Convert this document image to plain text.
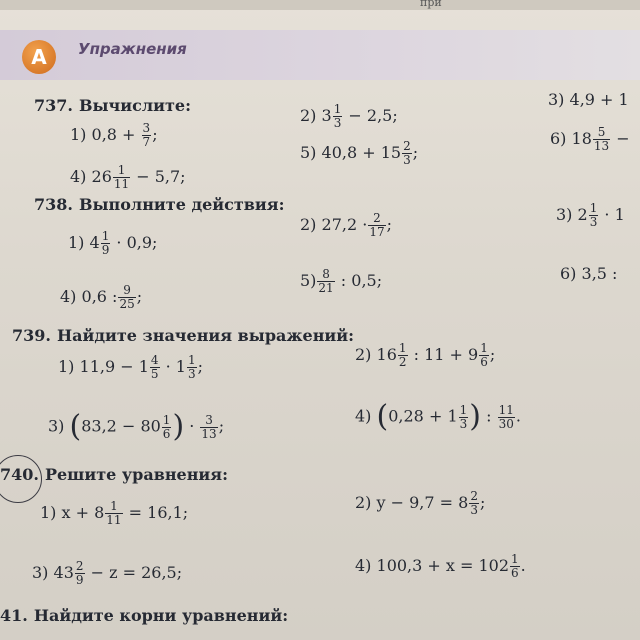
при
A	Упражнения
737. Вычислите:
1) $0,8 + \frac{3}{7}$ ;
2) $3 \frac{1}{3} - 2,5$;
3) 4,9 + 1
4) $26 \frac{1}{11} - 5,7$;
5) $40,8 + 15 \frac{2}{3}$ ;
6) $18 \frac{5}{13}$ −
738. Выполните действия:
1) $4 \frac{1}{9} \cdot 0,9$;
2) $27,2 \cdot \frac{2}{17}$ ;
3) $2 \frac{1}{3} \cdot 1$
4) 0,6 : $\frac{9}{25}$ ;
$5) \frac{8}{21}$ : 0,5;	6) 3,5 :
739. Найдите значения выражений:
1) $11,9 - 1 \frac{4}{5} \cdot 1 \frac{1}{3}$ ;
2) $16 \frac{1}{2}$ : $11 + 9 \frac{1}{6}$ ;
3) ($83,2 - 80 \frac{1}{6}$ ) · $\frac{3}{13}$ ;
4) ($0,28 + 1 \frac{1}{3}$ ) : $\frac{11}{30}$ .
740. Решите уравнения:
1) $x + 8 \frac{1}{11} = 16,1$;
2) $y - 9,7 = 8 \frac{2}{3}$ ;
3) $43 \frac{2}{9} - z = 26,5$;	4) $100,3 + x = 102 \frac{1}{6}$ .
41. Найдите корни уравнений:
